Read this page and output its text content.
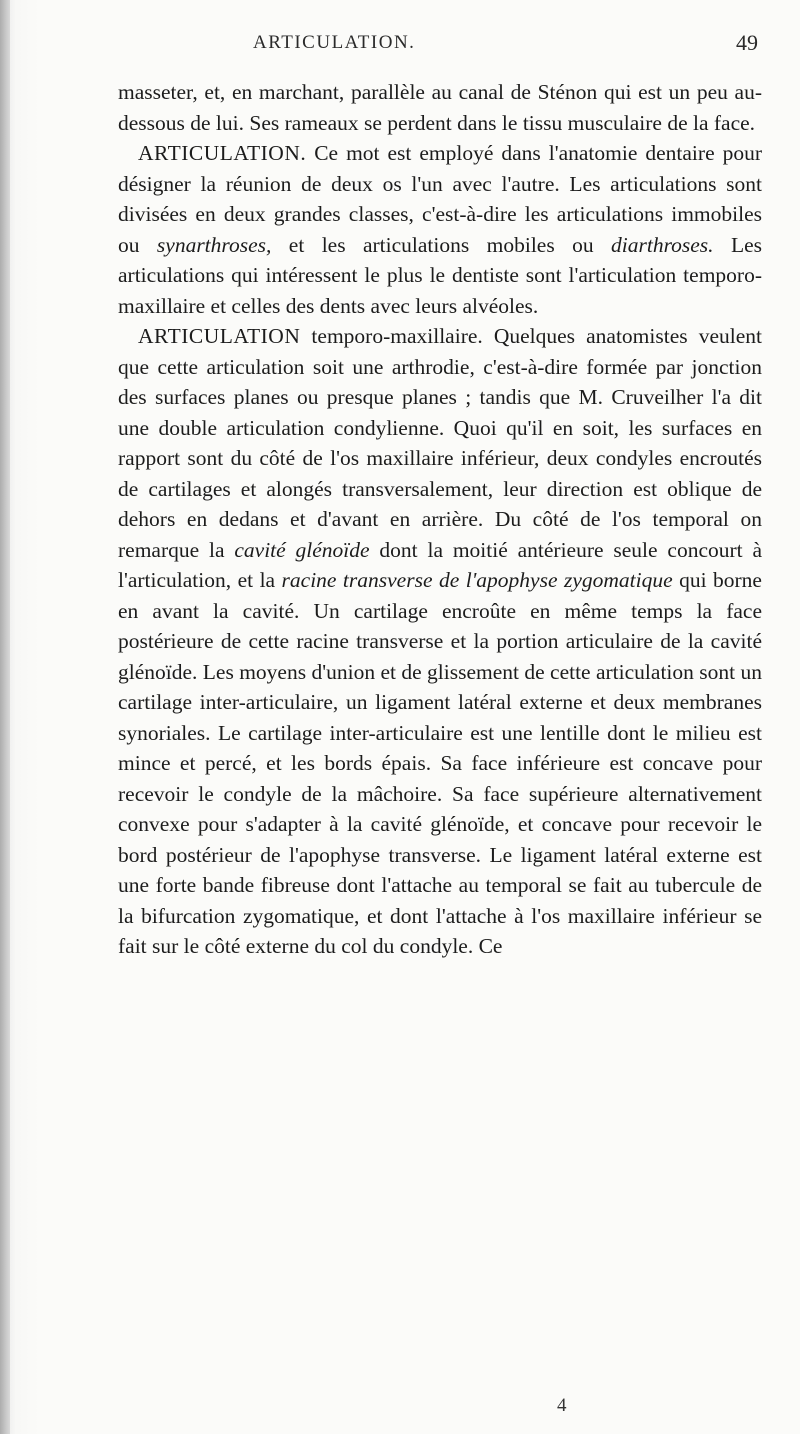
ARTICULATION.	49

masseter, et, en marchant, parallèle au canal de Sténon qui est un peu au-dessous de lui. Ses rameaux se perdent dans le tissu musculaire de la face.

ARTICULATION. Ce mot est employé dans l'anatomie dentaire pour désigner la réunion de deux os l'un avec l'autre. Les articulations sont divisées en deux grandes classes, c'est-à-dire les articulations immobiles ou synarthroses, et les articulations mobiles ou diarthroses. Les articulations qui intéressent le plus le dentiste sont l'articulation temporo-maxillaire et celles des dents avec leurs alvéoles.

ARTICULATION temporo-maxillaire. Quelques anatomistes veulent que cette articulation soit une arthrodie, c'est-à-dire formée par jonction des surfaces planes ou presque planes ; tandis que M. Cruveilher l'a dit une double articulation condylienne. Quoi qu'il en soit, les surfaces en rapport sont du côté de l'os maxillaire inférieur, deux condyles encroutés de cartilages et alongés transversalement, leur direction est oblique de dehors en dedans et d'avant en arrière. Du côté de l'os temporal on remarque la cavité glénoïde dont la moitié antérieure seule concourt à l'articulation, et la racine transverse de l'apophyse zygomatique qui borne en avant la cavité. Un cartilage encroûte en même temps la face postérieure de cette racine transverse et la portion articulaire de la cavité glénoïde. Les moyens d'union et de glissement de cette articulation sont un cartilage inter-articulaire, un ligament latéral externe et deux membranes synoriales. Le cartilage inter-articulaire est une lentille dont le milieu est mince et percé, et les bords épais. Sa face inférieure est concave pour recevoir le condyle de la mâchoire. Sa face supérieure alternativement convexe pour s'adapter à la cavité glénoïde, et concave pour recevoir le bord postérieur de l'apophyse transverse. Le ligament latéral externe est une forte bande fibreuse dont l'attache au temporal se fait au tubercule de la bifurcation zygomatique, et dont l'attache à l'os maxillaire inférieur se fait sur le côté externe du col du condyle. Ce

4
